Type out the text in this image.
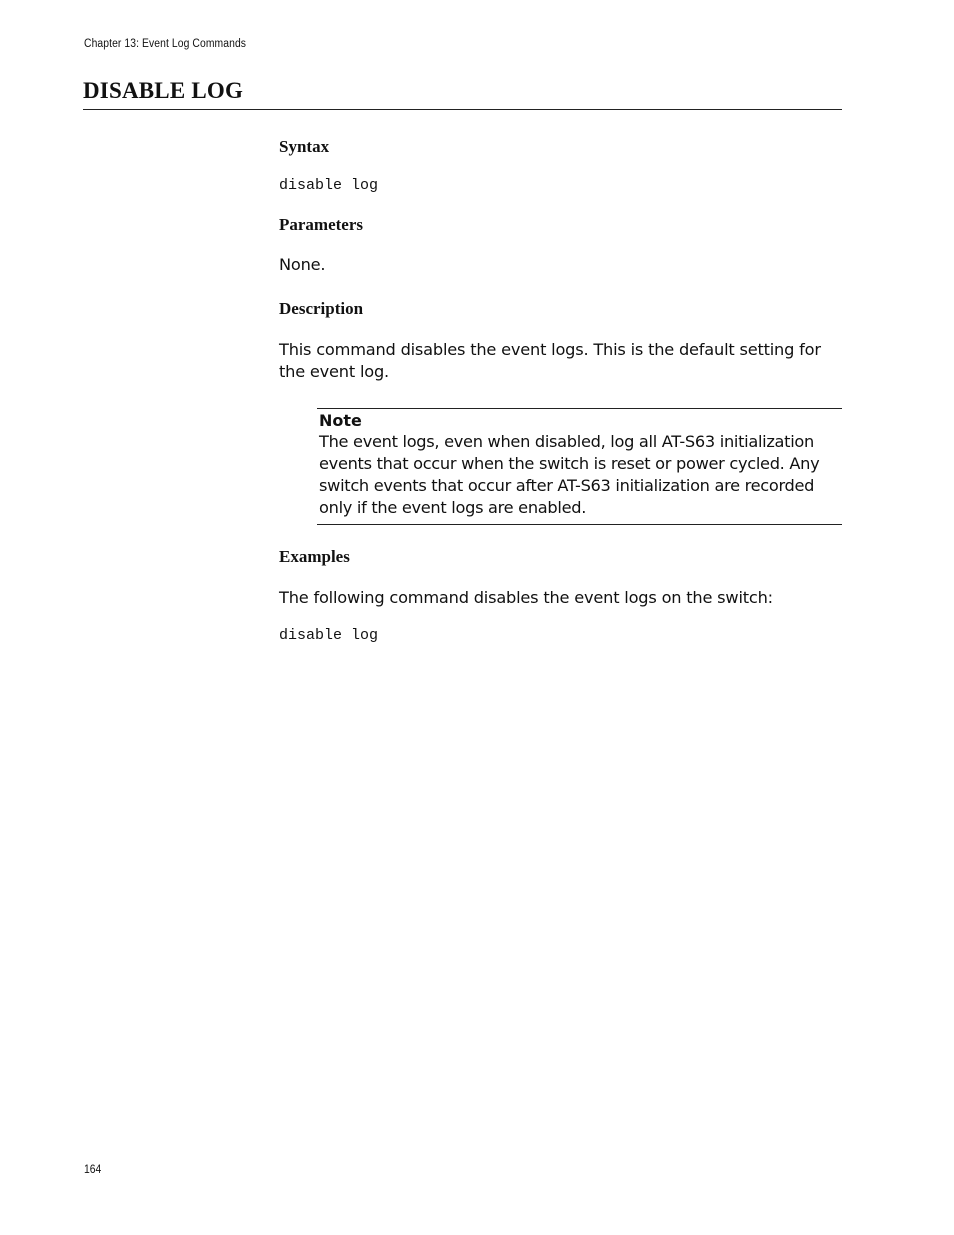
Chapter 13: Event Log Commands
DISABLE LOG
Syntax
disable log
Parameters
None.
Description
This command disables the event logs. This is the default setting for the event log.
Note
The event logs, even when disabled, log all AT-S63 initialization events that occur when the switch is reset or power cycled. Any switch events that occur after AT-S63 initialization are recorded only if the event logs are enabled.
Examples
The following command disables the event logs on the switch:
disable log
164
